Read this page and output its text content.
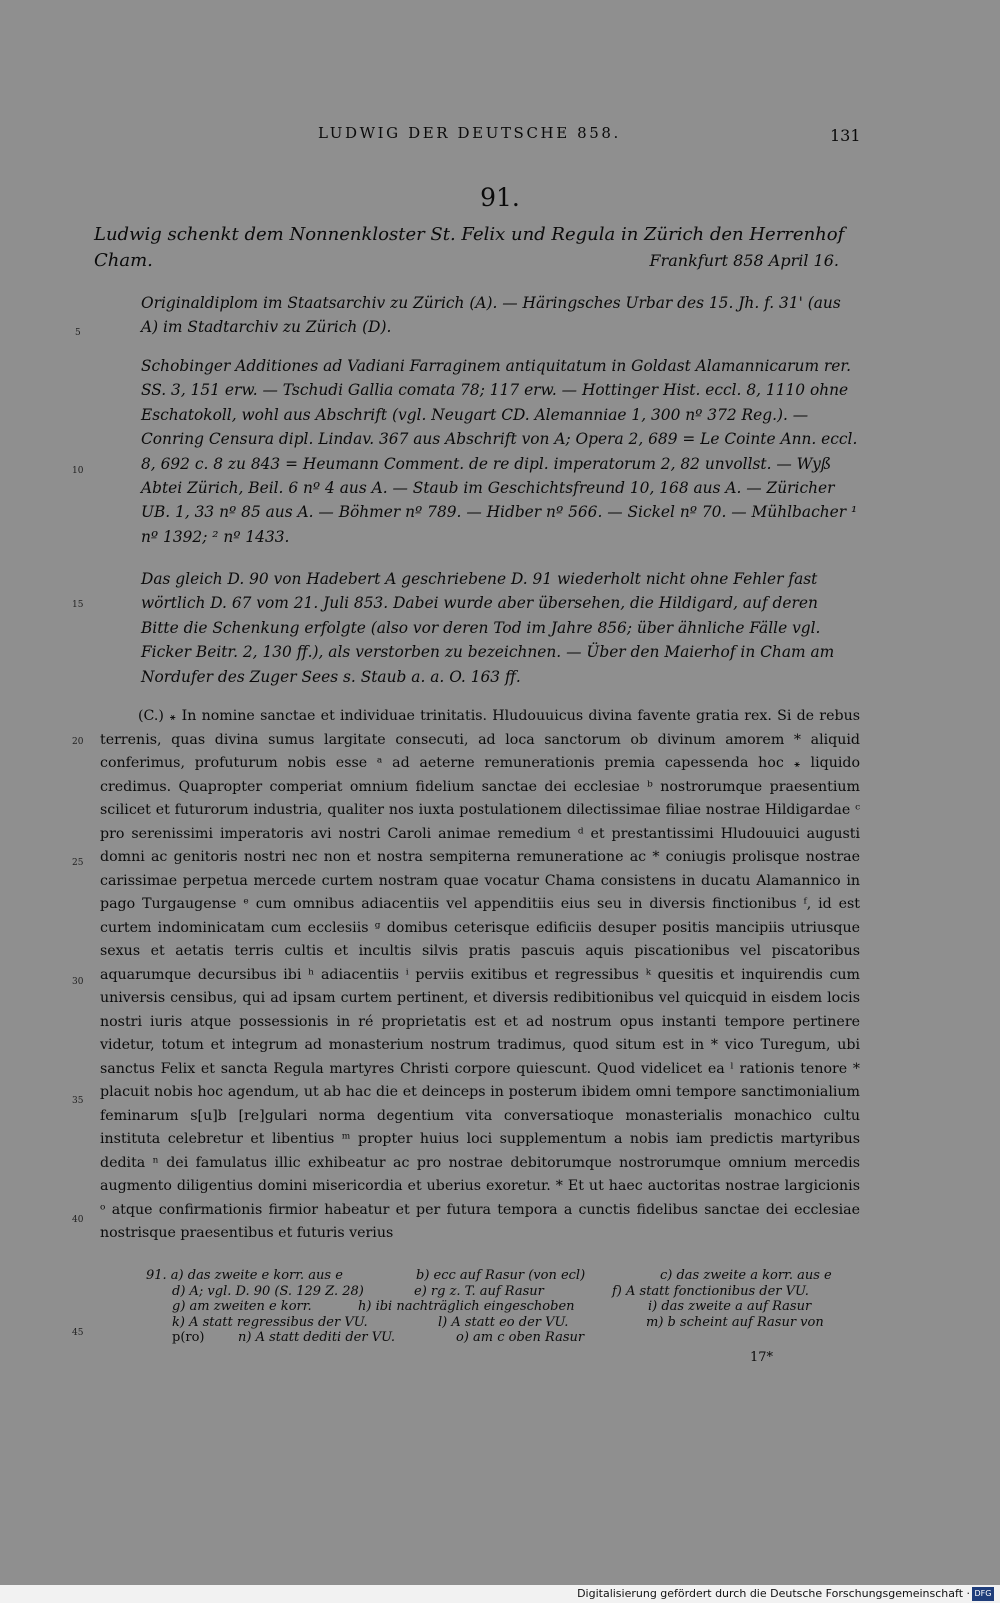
LUDWIG DER DEUTSCHE 858.	131
91.
Ludwig schenkt dem Nonnenkloster St. Felix und Regula in Zürich den Herrenhof Cham.	Frankfurt 858 April 16.
Originaldiplom im Staatsarchiv zu Zürich (A). — Häringsches Urbar des 15. Jh. f. 31' (aus A) im Stadtarchiv zu Zürich (D).
Schobinger Additiones ad Vadiani Farraginem antiquitatum in Goldast Alamannicarum rer. SS. 3, 151 erw. — Tschudi Gallia comata 78; 117 erw. — Hottinger Hist. eccl. 8, 1110 ohne Eschatokoll, wohl aus Abschrift (vgl. Neugart CD. Alemanniae 1, 300 nº 372 Reg.). — Conring Censura dipl. Lindav. 367 aus Abschrift von A; Opera 2, 689 = Le Cointe Ann. eccl. 8, 692 c. 8 zu 843 = Heumann Comment. de re dipl. imperatorum 2, 82 unvollst. — Wyß Abtei Zürich, Beil. 6 nº 4 aus A. — Staub im Geschichtsfreund 10, 168 aus A. — Züricher UB. 1, 33 nº 85 aus A. — Böhmer nº 789. — Hidber nº 566. — Sickel nº 70. — Mühlbacher ¹ nº 1392; ² nº 1433.
Das gleich D. 90 von Hadebert A geschriebene D. 91 wiederholt nicht ohne Fehler fast wörtlich D. 67 vom 21. Juli 853. Dabei wurde aber übersehen, die Hildigard, auf deren Bitte die Schenkung erfolgte (also vor deren Tod im Jahre 856; über ähnliche Fälle vgl. Ficker Beitr. 2, 130 ff.), als verstorben zu bezeichnen. — Über den Maierhof in Cham am Nordufer des Zuger Sees s. Staub a. a. O. 163 ff.
5
10
15
20
25
30
35
40
45

(C.) ꘎ In nomine sanctae et individuae trinitatis. Hludouuicus divina favente gratia rex. Si de rebus terrenis, quas divina sumus largitate consecuti, ad loca sanctorum ob divinum amorem * aliquid conferimus, profuturum nobis esse ᵃ ad aeterne remunerationis premia capessenda hoc ꘎ liquido credimus. Quapropter comperiat omnium fidelium sanctae dei ecclesiae ᵇ nostrorumque praesentium scilicet et futurorum industria, qualiter nos iuxta postulationem dilectissimae filiae nostrae Hildigardae ᶜ pro serenissimi imperatoris avi nostri Caroli animae remedium ᵈ et prestantissimi Hludouuici augusti domni ac genitoris nostri nec non et nostra sempiterna remuneratione ac * coniugis prolisque nostrae carissimae perpetua mercede curtem nostram quae vocatur Chama consistens in ducatu Alamannico in pago Turgaugense ᵉ cum omnibus adiacentiis vel appenditiis eius seu in diversis finctionibus ᶠ, id est curtem indominicatam cum ecclesiis ᵍ domibus ceterisque edificiis desuper positis mancipiis utriusque sexus et aetatis terris cultis et incultis silvis pratis pascuis aquis piscationibus vel piscatoribus aquarumque decursibus ibi ʰ adiacentiis ⁱ perviis exitibus et regressibus ᵏ quesitis et inquirendis cum universis censibus, qui ad ipsam curtem pertinent, et diversis redibitionibus vel quicquid in eisdem locis nostri iuris atque possessionis in ré proprietatis est et ad nostrum opus instanti tempore pertinere videtur, totum et integrum ad monasterium nostrum tradimus, quod situm est in * vico Turegum, ubi sanctus Felix et sancta Regula martyres Christi corpore quiescunt. Quod videlicet ea ˡ rationis tenore * placuit nobis hoc agendum, ut ab hac die et deinceps in posterum ibidem omni tempore sanctimonialium feminarum s[u]b [re]gulari norma degentium vita conversatioque monasterialis monachico cultu instituta celebretur et libentius ᵐ propter huius loci supplementum a nobis iam predictis martyribus dedita ⁿ dei famulatus illic exhibeatur ac pro nostrae debitorumque nostrorumque omnium mercedis augmento diligentius domini misericordia et uberius exoretur. * Et ut haec auctoritas nostrae largicionis ᵒ atque confirmationis firmior habeatur et per futura tempora a cunctis fidelibus sanctae dei ecclesiae nostrisque praesentibus et futuris verius

91. a) das zweite e korr. aus e	b) ecc auf Rasur (von ecl)	c) das zweite a korr. aus e
d) A; vgl. D. 90 (S. 129 Z. 28)	e) rg z. T. auf Rasur	f) A statt fonctionibus der VU.
g) am zweiten e korr.	h) ibi nachträglich eingeschoben	i) das zweite a auf Rasur
k) A statt regressibus der VU.	l) A statt eo der VU.	m) b scheint auf Rasur von
p(ro)	n) A statt dediti der VU.	o) am c oben Rasur
17*
Digitalisierung gefördert durch die Deutsche Forschungsgemeinschaft · DFG
